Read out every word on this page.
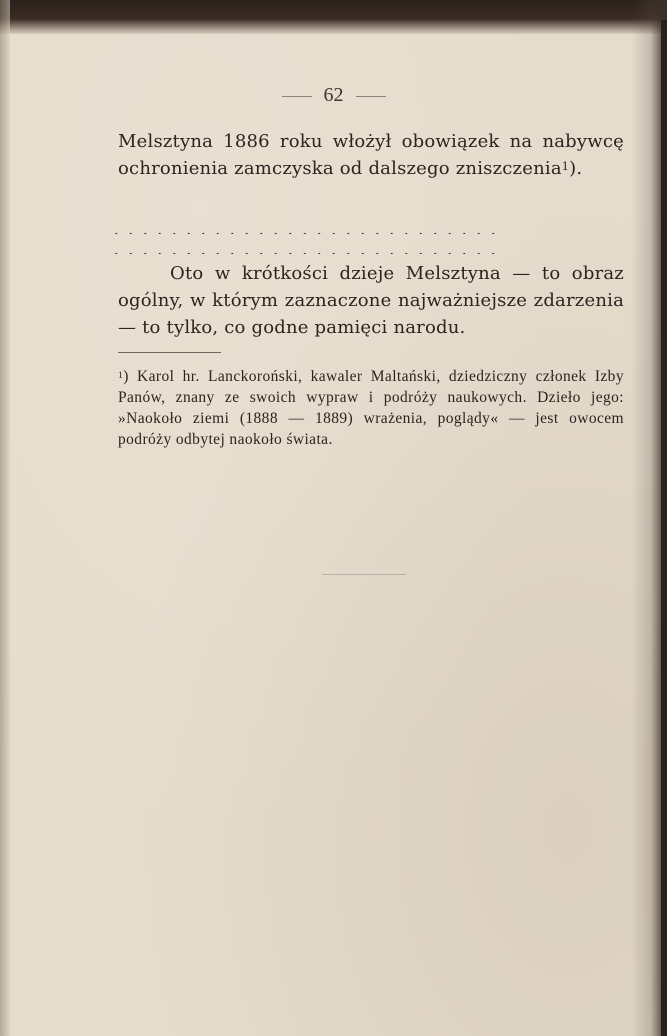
62
Melsztyna 1886 roku włożył obowiązek na nabywcę ochronienia zamczyska od dalszego zniszczenia$^1$).
...........................
...........................
Oto w krótkości dzieje Melsztyna — to obraz ogólny, w którym zaznaczone najważniejsze zdarzenia — to tylko, co godne pamięci narodu.
$^1$) Karol hr. Lanckoroński, kawaler Maltański, dziedziczny członek Izby Panów, znany ze swoich wypraw i podróży naukowych. Dzieło jego: »Naokoło ziemi (1888 — 1889) wrażenia, poglądy« — jest owocem podróży odbytej naokoło świata.
